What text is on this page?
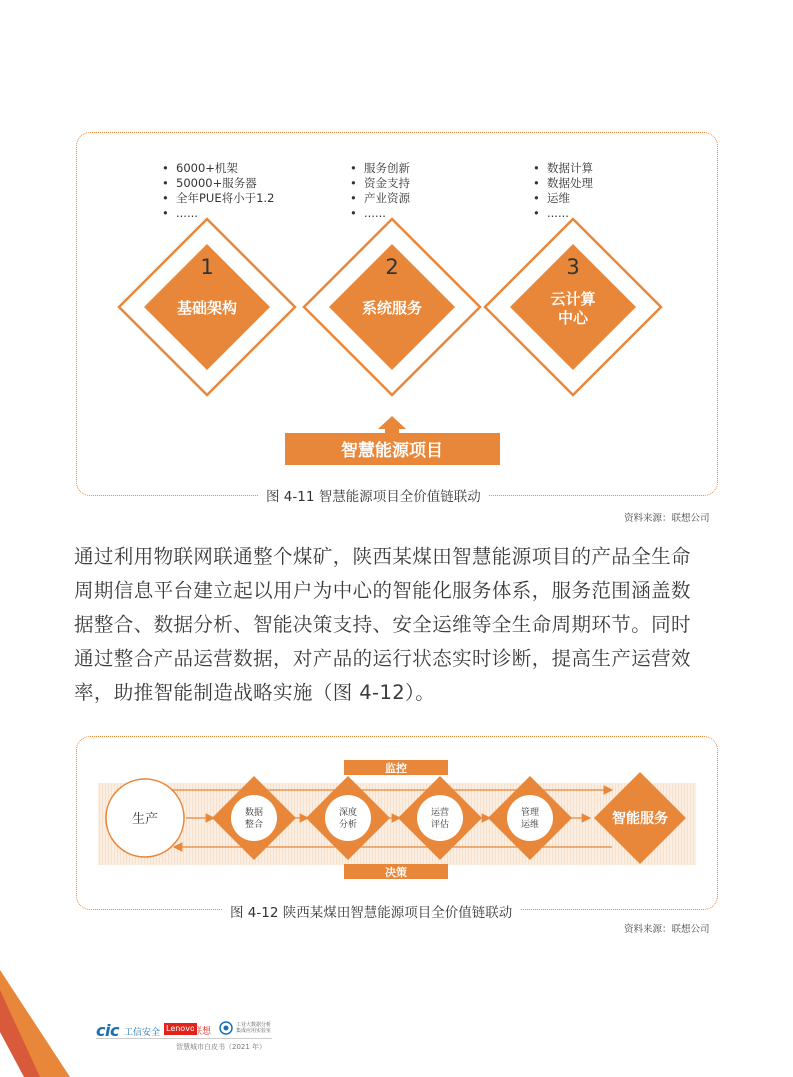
• 6000+机架
• 50000+服务器
• 全年PUE将小于1.2
• ......
• 服务创新
• 资金支持
• 产业资源
• ......
• 数据计算
• 数据处理
• 运维
• ......
1
基础架构
2
系统服务
3
云计算
中心
智慧能源项目
图 4-11 智慧能源项目全价值链联动
资料来源：联想公司
通过利用物联网联通整个煤矿，陕西某煤田智慧能源项目的产品全生命
周期信息平台建立起以用户为中心的智能化服务体系，服务范围涵盖数
据整合、数据分析、智能决策支持、安全运维等全生命周期环节。同时
通过整合产品运营数据，对产品的运行状态实时诊断，提高生产运营效
率，助推智能制造战略实施（图 4-12）。
监控
决策
生产	数据
整合
深度
分析
运营
评估
管理
运维	智能服务
图 4-12 陕西某煤田智慧能源项目全价值链联动
资料来源：联想公司
44
cic 工信安全 Lenovo
联想
工业大数据分析
集成应用实验室
智慧城市白皮书（2021 年）
